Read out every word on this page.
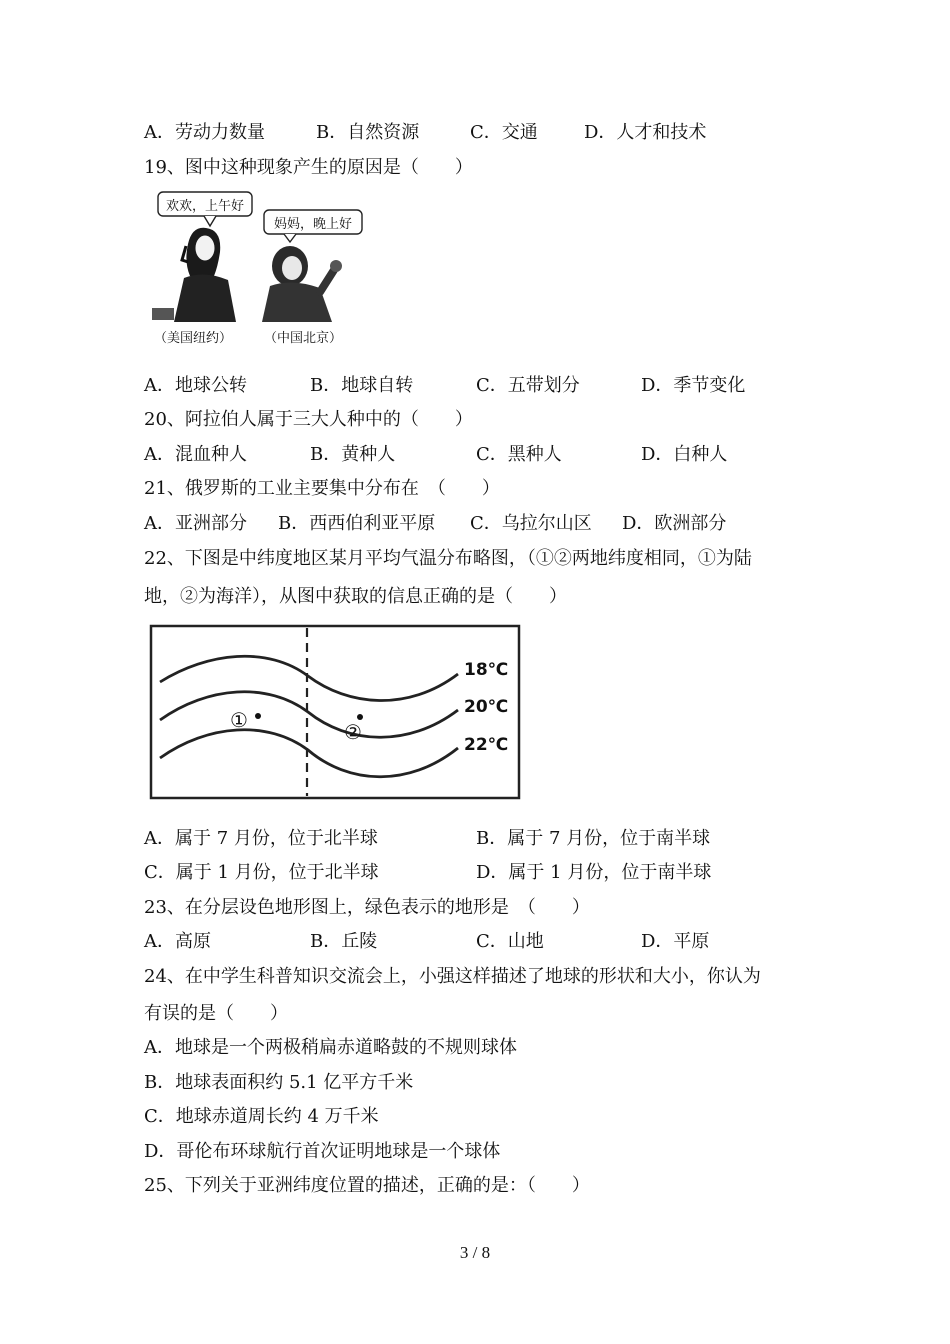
A．劳动力数量	B．自然资源	C．交通	D．人才和技术
19、图中这种现象产生的原因是（　　）
欢欢，上午好
妈妈，晚上好
（美国纽约） （中国北京）
A．地球公转	B．地球自转	C．五带划分	D．季节变化
20、阿拉伯人属于三大人种中的（　　）
A．混血种人	B．黄种人	C．黑种人	D．白种人
21、俄罗斯的工业主要集中分布在　（　　）
A．亚洲部分 B．西西伯利亚平原 C．乌拉尔山区 D．欧洲部分
22、下图是中纬度地区某月平均气温分布略图，（①②两地纬度相同，①为陆
地，②为海洋），从图中获取的信息正确的是（　　）
18℃
20℃
22℃
①	②
A．属于 7 月份，位于北半球	B．属于 7 月份，位于南半球
C．属于 1 月份，位于北半球	D．属于 1 月份，位于南半球
23、在分层设色地形图上，绿色表示的地形是　（　　）
A．高原	B．丘陵	C．山地	D．平原
24、在中学生科普知识交流会上，小强这样描述了地球的形状和大小，你认为
有误的是（　　）
A．地球是一个两极稍扁赤道略鼓的不规则球体
B．地球表面积约 5.1 亿平方千米
C．地球赤道周长约 4 万千米
D．哥伦布环球航行首次证明地球是一个球体
25、下列关于亚洲纬度位置的描述，正确的是：（　　）
3 / 8
